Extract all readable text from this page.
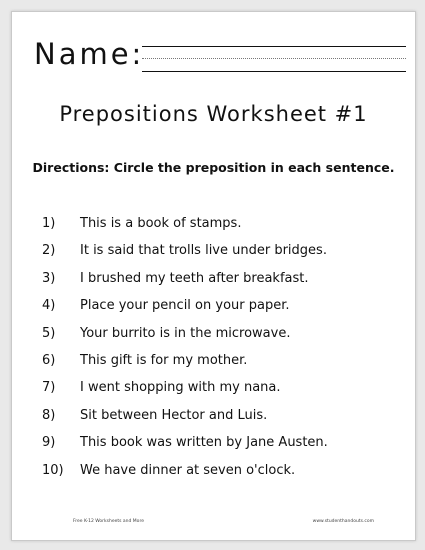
Name:
Prepositions Worksheet #1
Directions: Circle the preposition in each sentence.
1) This is a book of stamps.
2) It is said that trolls live under bridges.
3) I brushed my teeth after breakfast.
4) Place your pencil on your paper.
5) Your burrito is in the microwave.
6) This gift is for my mother.
7) I went shopping with my nana.
8) Sit between Hector and Luis.
9) This book was written by Jane Austen.
10) We have dinner at seven o'clock.
Free K-12 Worksheets and More	www.studenthandouts.com
